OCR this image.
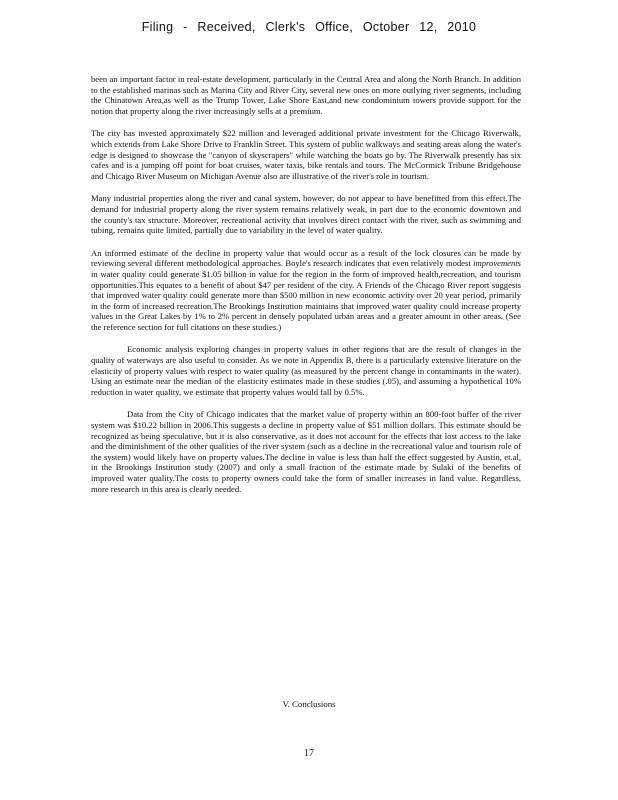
Filing - Received, Clerk's Office, October 12, 2010

been an important factor in real-estate development, particularly in the Central Area and along the North Branch. In addition to the established marinas such as Marina City and River City, several new ones on more outlying river segments, including the Chinatown Area,as well as the Trump Tower, Lake Shore East,and new condominium towers provide support for the notion that property along the river increasingly sells at a premium.

The city has invested approximately $22 million and leveraged additional private investment for the Chicago Riverwalk, which extends from Lake Shore Drive to Franklin Street. This system of public walkways and seating areas along the water's edge is designed to showcase the "canyon of skyscrapers" while watching the boats go by. The Riverwalk presently has six cafes and is a jumping off point for boat cruises, water taxis, bike rentals and tours. The McCormick Tribune Bridgehouse and Chicago River Museum on Michigan Avenue also are illustrative of the river's role in tourism.

Many industrial properties along the river and canal system, however, do not appear to have benefitted from this effect.The demand for industrial property along the river system remains relatively weak, in part due to the economic downtown and the county's tax structure. Moreover, recreational activity that involves direct contact with the river, such as swimming and tubing, remains quite limited, partially due to variability in the level of water quality.

An informed estimate of the decline in property value that would occur as a result of the lock closures can be made by reviewing several different methodological approaches. Boyle's research indicates that even relatively modest improvements in water quality could generate $1.05 billion in value for the region in the form of improved health,recreation, and tourism opportunities.This equates to a benefit of about $47 per resident of the city. A Friends of the Chicago River report suggests that improved water quality could generate more than $500 million in new economic activity over 20 year period, primarily in the form of increased recreation.The Brookings Institution maintains that improved water quality could increase property values in the Great Lakes by 1% to 2% percent in densely populated urban areas and a greater amount in other areas. (See the reference section for full citations on these studies.)

Economic analysis exploring changes in property values in other regions that are the result of changes in the quality of waterways are also useful to consider. As we note in Appendix B, there is a particularly extensive literature on the elasticity of property values with respect to water quality (as measured by the percent change in contaminants in the water). Using an estimate near the median of the elasticity estimates made in these studies (.05), and assuming a hypothetical 10% reduction in water quality, we estimate that property values would fall by 0.5%.

Data from the City of Chicago indicates that the market value of property within an 800-foot buffer of the river system was $10.22 billion in 2006.This suggests a decline in property value of $51 million dollars. This estimate should be recognized as being speculative, but it is also conservative, as it does not account for the effects that lost access to the lake and the diminishment of the other qualities of the river system (such as a decline in the recreational value and tourism role of the system) would likely have on property values.The decline in value is less than half the effect suggested by Austin, et.al, in the Brookings Institution study (2007) and only a small fraction of the estimate made by Sulaki of the benefits of improved water quality.The costs to property owners could take the form of smaller increases in land value. Regardless, more research in this area is clearly needed.

V. Conclusions
17
